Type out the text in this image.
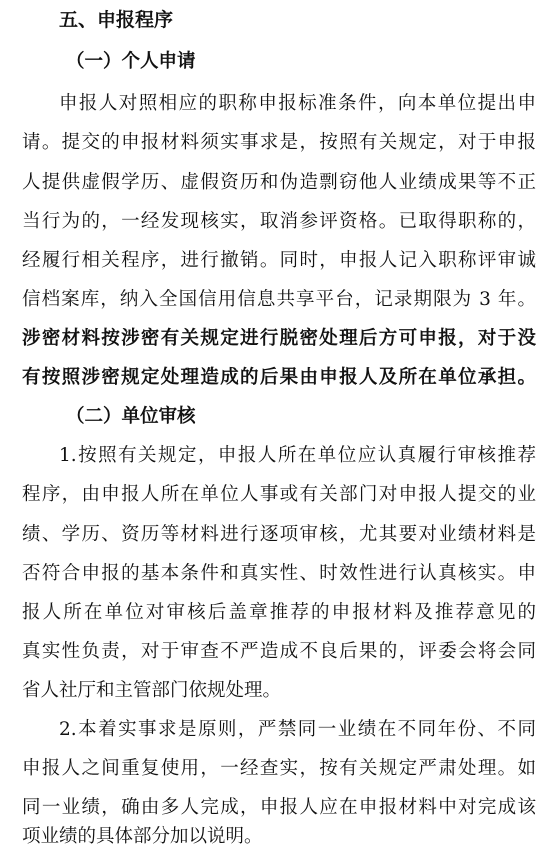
五、申报程序
（一）个人申请
申报人对照相应的职称申报标准条件，向本单位提出申
请。提交的申报材料须实事求是，按照有关规定，对于申报
人提供虚假学历、虚假资历和伪造剽窃他人业绩成果等不正
当行为的，一经发现核实，取消参评资格。已取得职称的，
经履行相关程序，进行撤销。同时，申报人记入职称评审诚
信档案库，纳入全国信用信息共享平台，记录期限为 3 年。
涉密材料按涉密有关规定进行脱密处理后方可申报，对于没
有按照涉密规定处理造成的后果由申报人及所在单位承担。
（二）单位审核
1.按照有关规定，申报人所在单位应认真履行审核推荐
程序，由申报人所在单位人事或有关部门对申报人提交的业
绩、学历、资历等材料进行逐项审核，尤其要对业绩材料是
否符合申报的基本条件和真实性、时效性进行认真核实。申
报人所在单位对审核后盖章推荐的申报材料及推荐意见的
真实性负责，对于审查不严造成不良后果的，评委会将会同
省人社厅和主管部门依规处理。
2.本着实事求是原则，严禁同一业绩在不同年份、不同
申报人之间重复使用，一经查实，按有关规定严肃处理。如
同一业绩，确由多人完成，申报人应在申报材料中对完成该
项业绩的具体部分加以说明。
